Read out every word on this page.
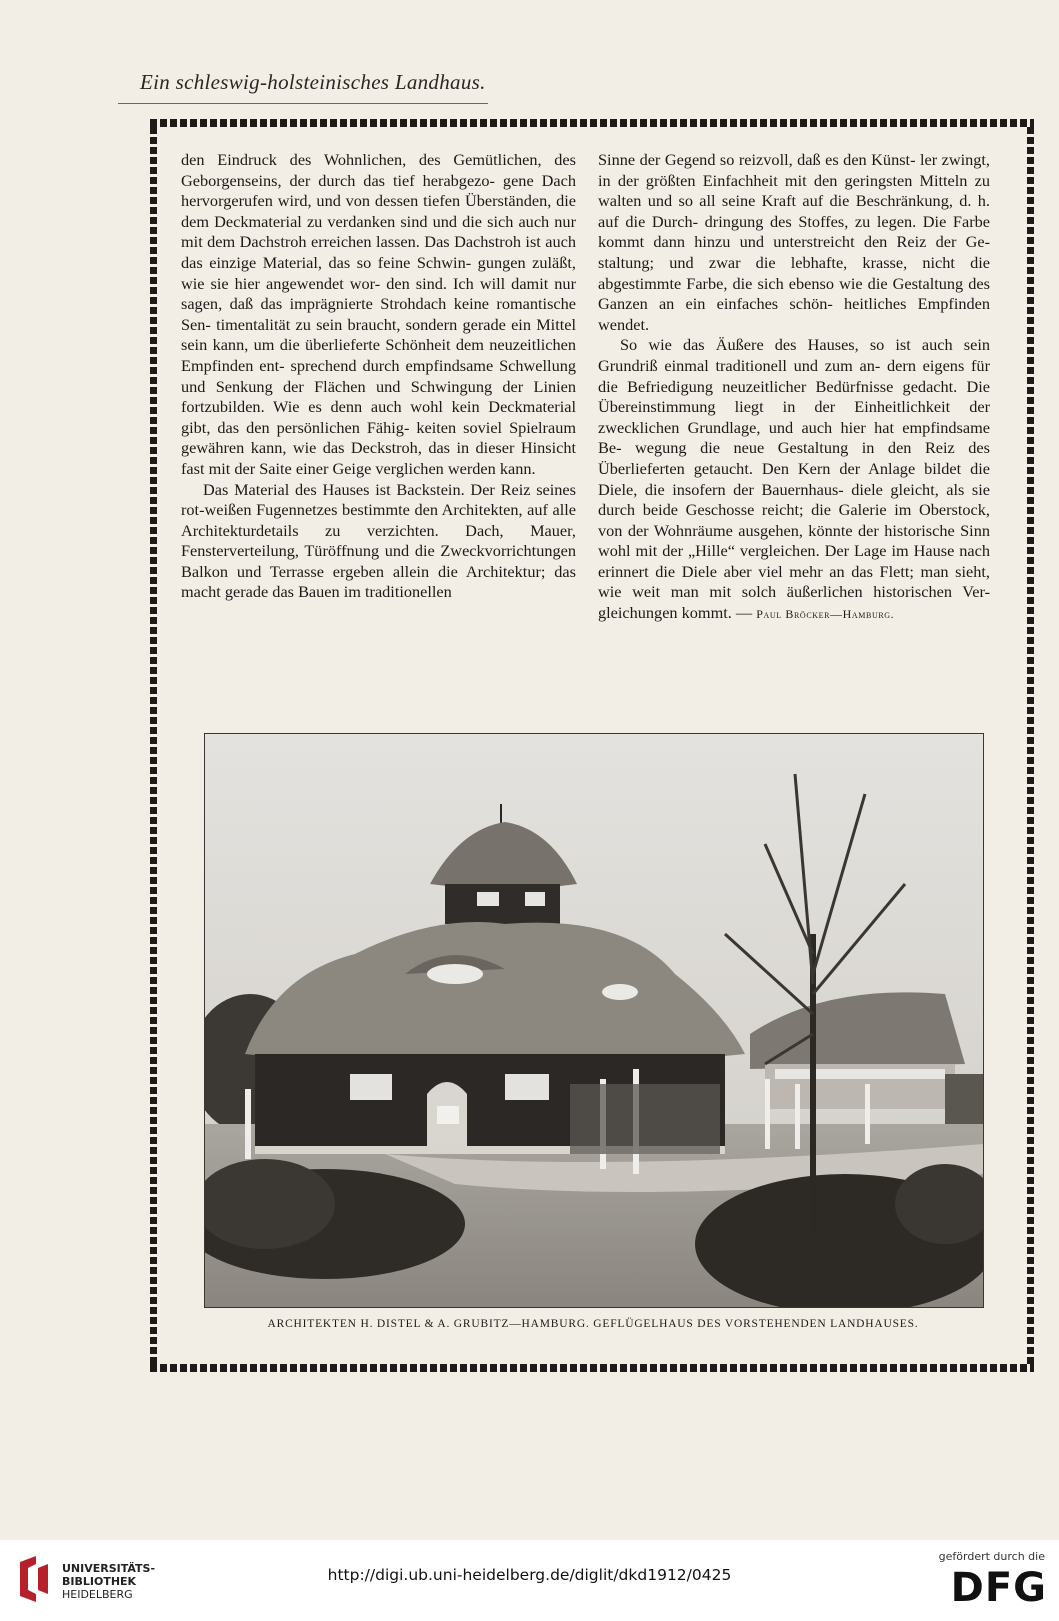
Ein schleswig-holsteinisches Landhaus.

den Eindruck des Wohnlichen, des Gemütlichen, des Geborgenseins, der durch das tief herabgezo- gene Dach hervorgerufen wird, und von dessen tiefen Überständen, die dem Deckmaterial zu verdanken sind und die sich auch nur mit dem Dachstroh erreichen lassen. Das Dachstroh ist auch das einzige Material, das so feine Schwin- gungen zuläßt, wie sie hier angewendet wor- den sind. Ich will damit nur sagen, daß das imprägnierte Strohdach keine romantische Sen- timentalität zu sein braucht, sondern gerade ein Mittel sein kann, um die überlieferte Schönheit dem neuzeitlichen Empfinden ent- sprechend durch empfindsame Schwellung und Senkung der Flächen und Schwingung der Linien fortzubilden. Wie es denn auch wohl kein Deckmaterial gibt, das den persönlichen Fähig- keiten soviel Spielraum gewähren kann, wie das Deckstroh, das in dieser Hinsicht fast mit der Saite einer Geige verglichen werden kann.

Das Material des Hauses ist Backstein. Der Reiz seines rot-weißen Fugennetzes bestimmte den Architekten, auf alle Architekturdetails zu verzichten. Dach, Mauer, Fensterverteilung, Türöffnung und die Zweckvorrichtungen Balkon und Terrasse ergeben allein die Architektur; das macht gerade das Bauen im traditionellen

Sinne der Gegend so reizvoll, daß es den Künst- ler zwingt, in der größten Einfachheit mit den geringsten Mitteln zu walten und so all seine Kraft auf die Beschränkung, d. h. auf die Durch- dringung des Stoffes, zu legen. Die Farbe kommt dann hinzu und unterstreicht den Reiz der Ge- staltung; und zwar die lebhafte, krasse, nicht die abgestimmte Farbe, die sich ebenso wie die Gestaltung des Ganzen an ein einfaches schön- heitliches Empfinden wendet.

So wie das Äußere des Hauses, so ist auch sein Grundriß einmal traditionell und zum an- dern eigens für die Befriedigung neuzeitlicher Bedürfnisse gedacht. Die Übereinstimmung liegt in der Einheitlichkeit der zwecklichen Grundlage, und auch hier hat empfindsame Be- wegung die neue Gestaltung in den Reiz des Überlieferten getaucht. Den Kern der Anlage bildet die Diele, die insofern der Bauernhaus- diele gleicht, als sie durch beide Geschosse reicht; die Galerie im Oberstock, von der Wohnräume ausgehen, könnte der historische Sinn wohl mit der „Hille“ vergleichen. Der Lage im Hause nach erinnert die Diele aber viel mehr an das Flett; man sieht, wie weit man mit solch äußerlichen historischen Ver- gleichungen kommt. — Paul Bröcker—Hamburg.

ARCHITEKTEN H. DISTEL & A. GRUBITZ—HAMBURG. GEFLÜGELHAUS DES VORSTEHENDEN LANDHAUSES.
UNIVERSITÄTS-
BIBLIOTHEK
HEIDELBERG
http://digi.ub.uni-heidelberg.de/diglit/dkd1912/0425
gefördert durch die
DFG
